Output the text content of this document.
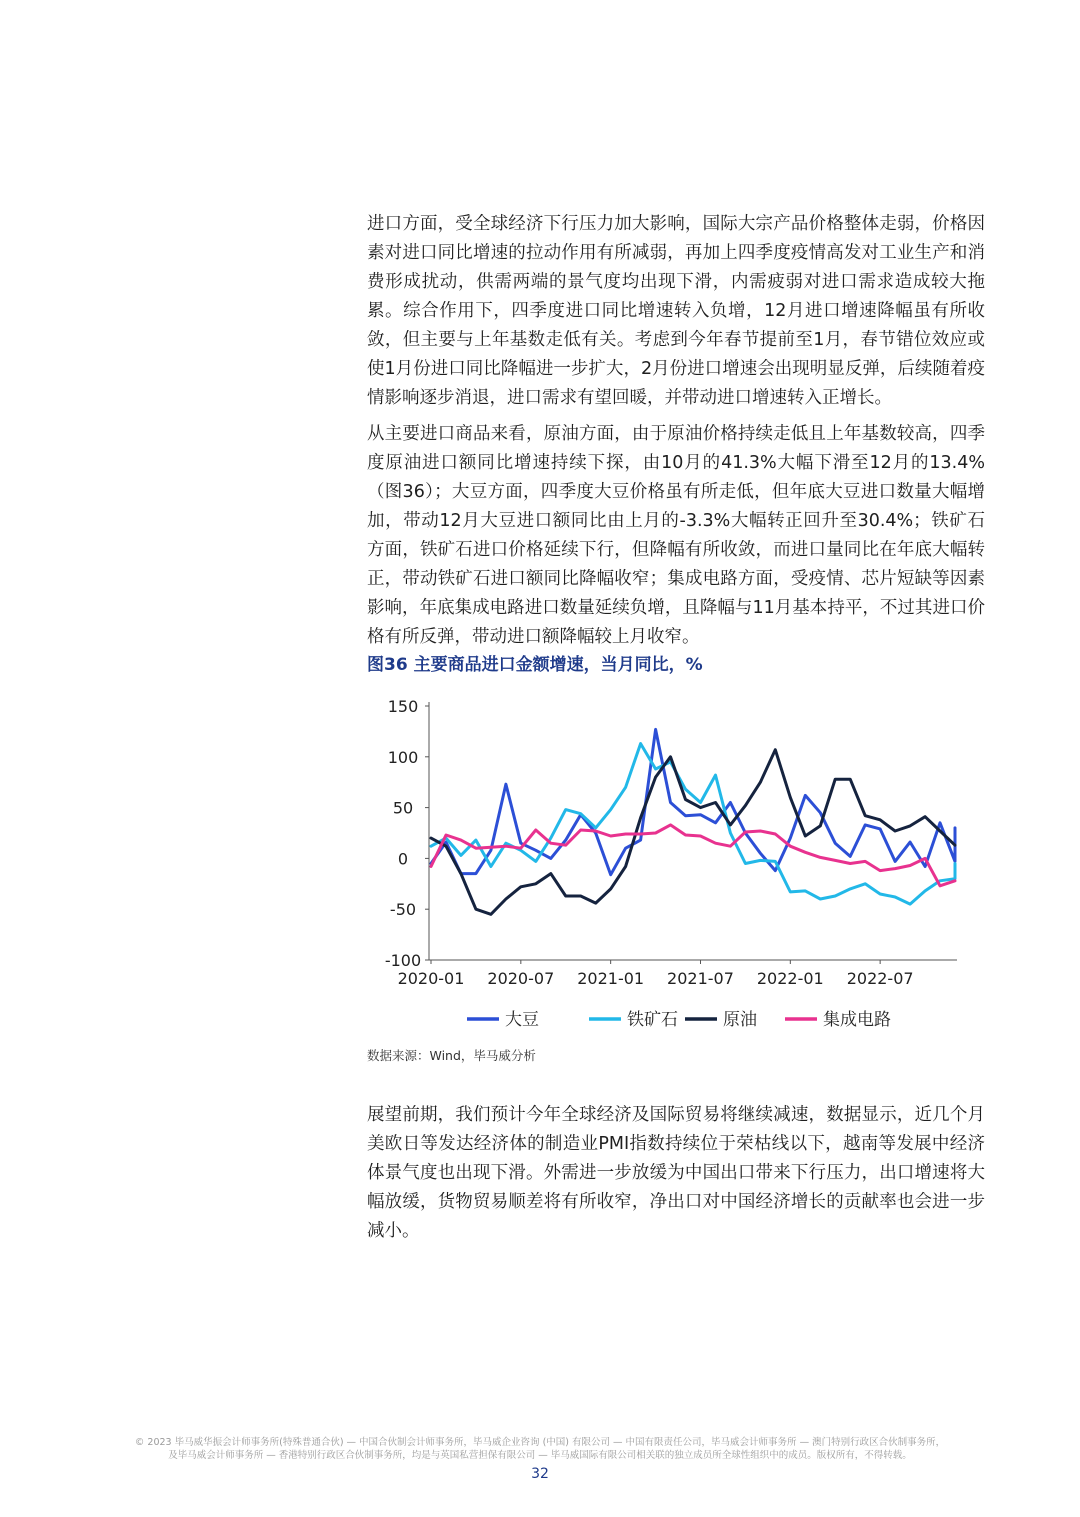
进口方面，受全球经济下行压力加大影响，国际大宗产品价格整体走弱，价格因素对进口同比增速的拉动作用有所减弱，再加上四季度疫情高发对工业生产和消费形成扰动，供需两端的景气度均出现下滑，内需疲弱对进口需求造成较大拖累。综合作用下，四季度进口同比增速转入负增，12月进口增速降幅虽有所收敛，但主要与上年基数走低有关。考虑到今年春节提前至1月，春节错位效应或使1月份进口同比降幅进一步扩大，2月份进口增速会出现明显反弹，后续随着疫情影响逐步消退，进口需求有望回暖，并带动进口增速转入正增长。
从主要进口商品来看，原油方面，由于原油价格持续走低且上年基数较高，四季度原油进口额同比增速持续下探，由10月的41.3%大幅下滑至12月的13.4%（图36）；大豆方面，四季度大豆价格虽有所走低，但年底大豆进口数量大幅增加，带动12月大豆进口额同比由上月的-3.3%大幅转正回升至30.4%；铁矿石方面，铁矿石进口价格延续下行，但降幅有所收敛，而进口量同比在年底大幅转正，带动铁矿石进口额同比降幅收窄；集成电路方面，受疫情、芯片短缺等因素影响，年底集成电路进口数量延续负增，且降幅与11月基本持平，不过其进口价格有所反弹，带动进口额降幅较上月收窄。
图36 主要商品进口金额增速，当月同比，%
150
100
50
0
-50
-100
2020-01 2020-07 2021-01 2021-07 2022-01 2022-07
大豆	铁矿石	原油	集成电路
数据来源：Wind，毕马威分析
展望前期，我们预计今年全球经济及国际贸易将继续减速，数据显示，近几个月美欧日等发达经济体的制造业PMI指数持续位于荣枯线以下，越南等发展中经济体景气度也出现下滑。外需进一步放缓为中国出口带来下行压力，出口增速将大幅放缓，货物贸易顺差将有所收窄，净出口对中国经济增长的贡献率也会进一步减小。
© 2023 毕马威华振会计师事务所(特殊普通合伙) — 中国合伙制会计师事务所，毕马威企业咨询 (中国) 有限公司 — 中国有限责任公司，毕马威会计师事务所 — 澳门特别行政区合伙制事务所，
及毕马威会计师事务所 — 香港特别行政区合伙制事务所，均是与英国私营担保有限公司 — 毕马威国际有限公司相关联的独立成员所全球性组织中的成员。版权所有，不得转载。
32
